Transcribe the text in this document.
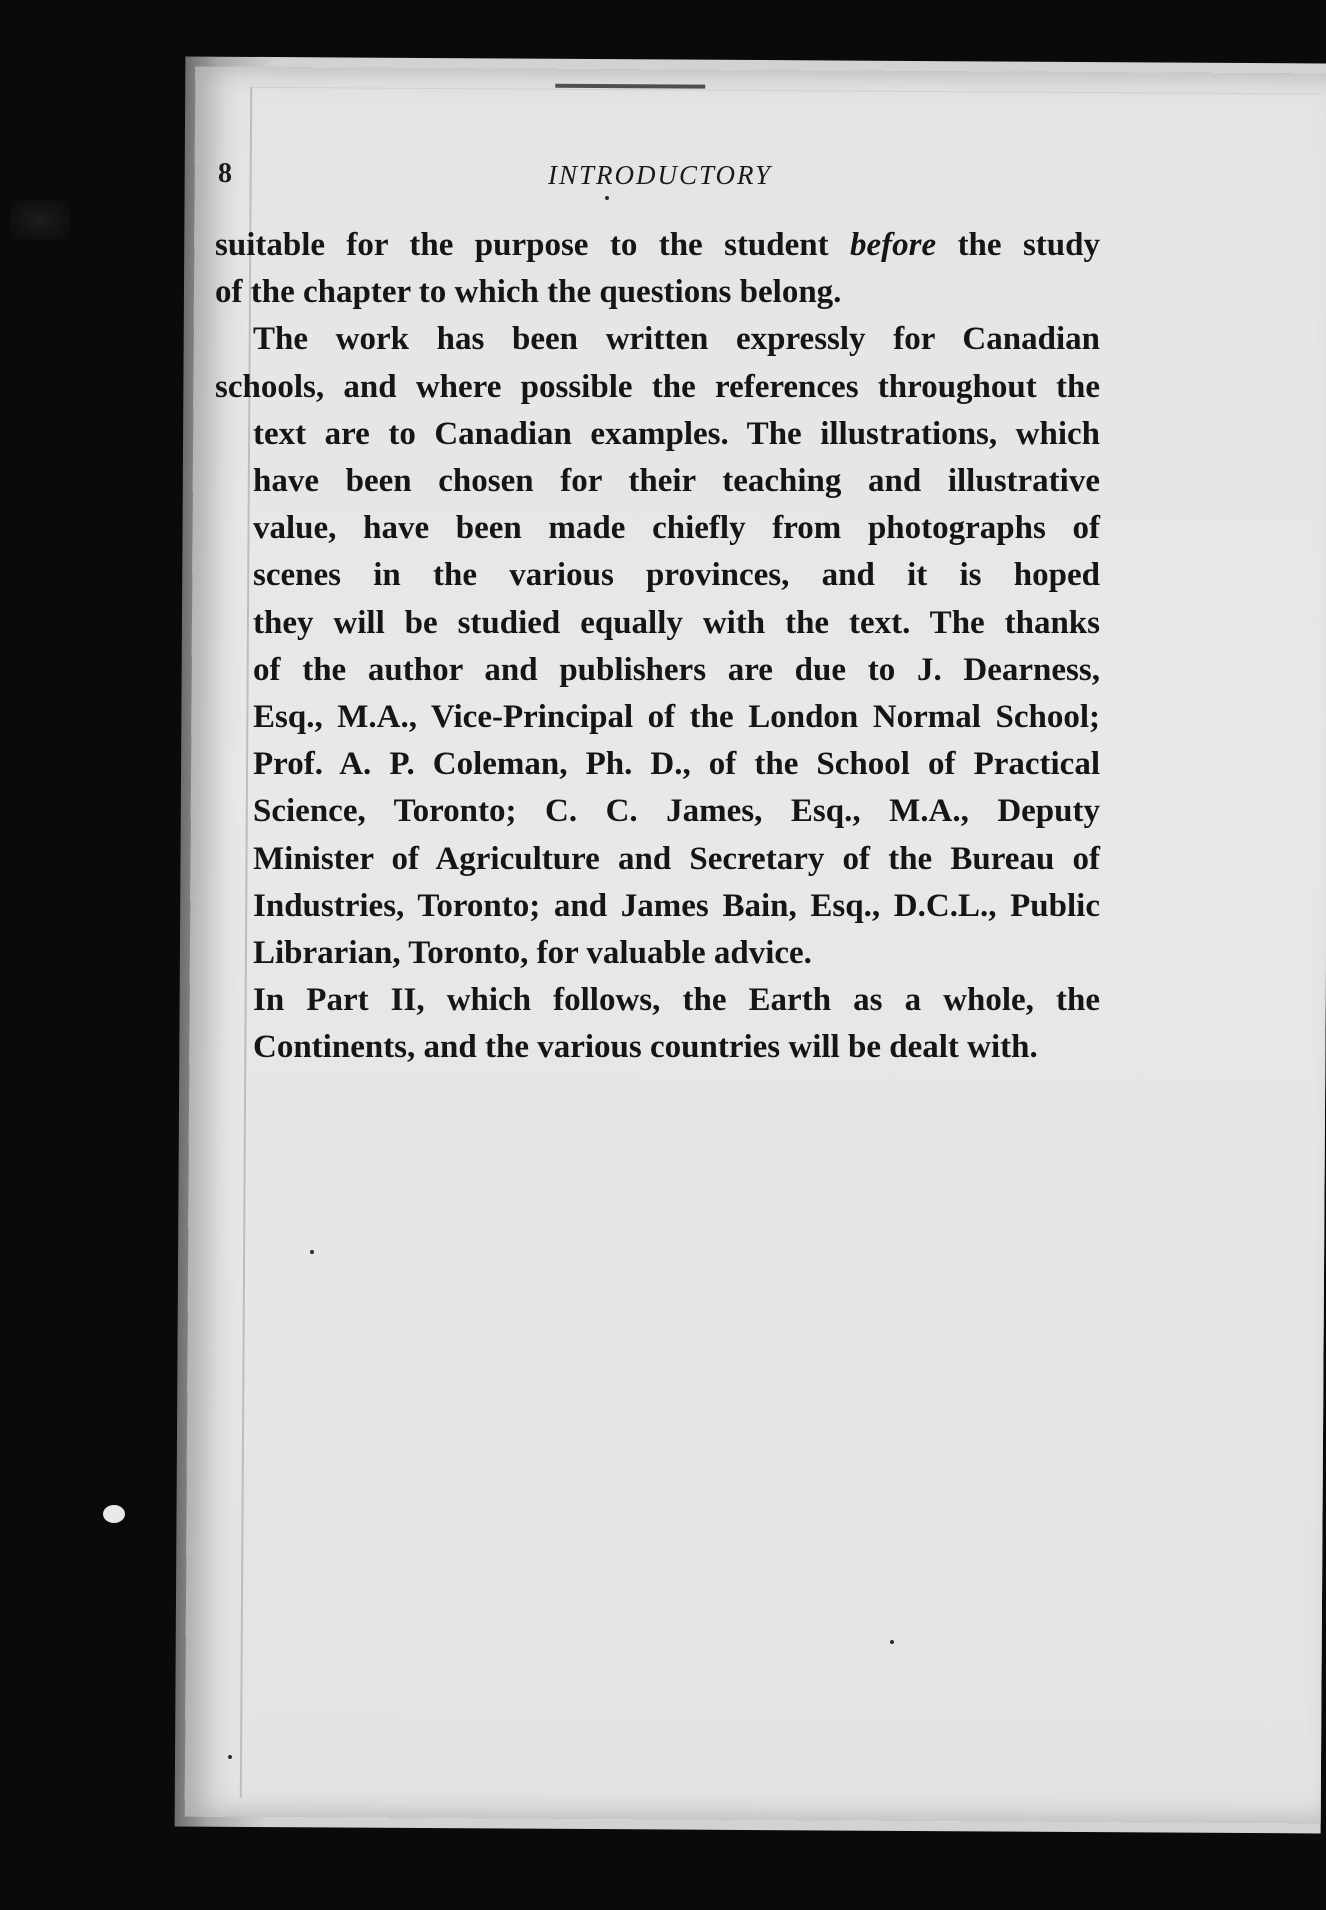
8	INTRODUCTORY

suitable for the purpose to the student before the study
of the chapter to which the questions belong.

The work has been written expressly for Canadian
schools, and where possible the references throughout the
text are to Canadian examples. The illustrations, which
have been chosen for their teaching and illustrative
value, have been made chiefly from photographs of
scenes in the various provinces, and it is hoped
they will be studied equally with the text. The thanks
of the author and publishers are due to J. Dearness,
Esq., M.A., Vice-Principal of the London Normal School;
Prof. A. P. Coleman, Ph. D., of the School of Practical
Science, Toronto; C. C. James, Esq., M.A., Deputy
Minister of Agriculture and Secretary of the Bureau of
Industries, Toronto; and James Bain, Esq., D.C.L., Public
Librarian, Toronto, for valuable advice.

In Part II, which follows, the Earth as a whole, the
Continents, and the various countries will be dealt with.
